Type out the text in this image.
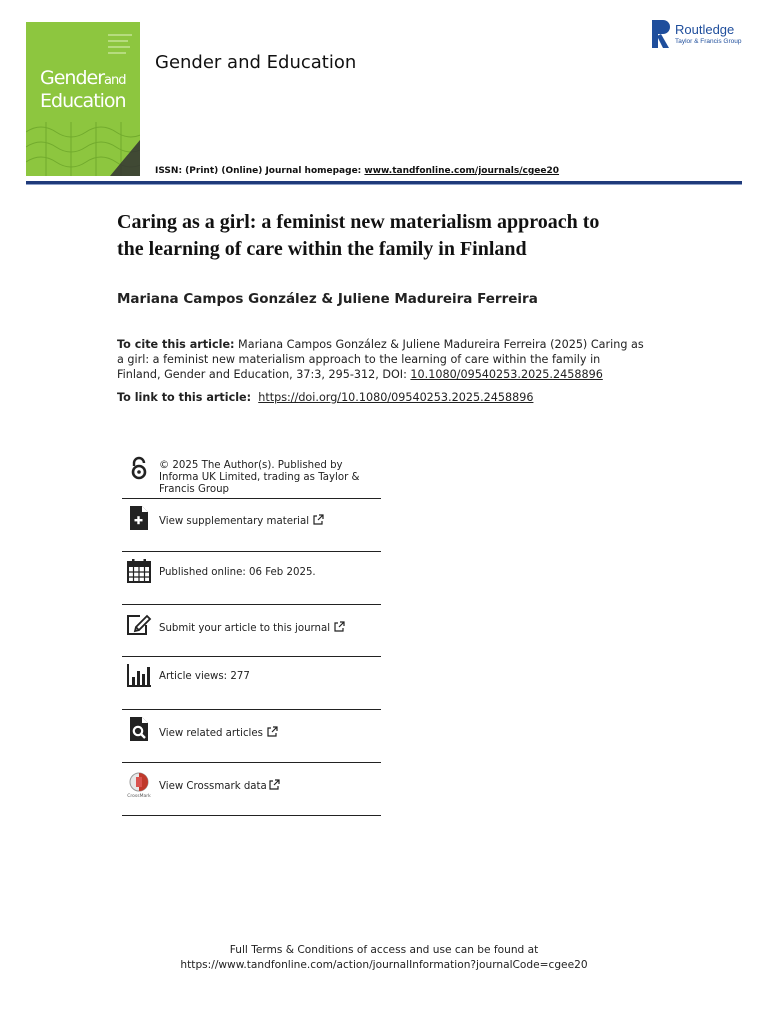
Genderand
Education
Gender and Education
Routledge
Taylor & Francis Group
ISSN: (Print) (Online) Journal homepage: www.tandfonline.com/journals/cgee20
Caring as a girl: a feminist new materialism approach to
the learning of care within the family in Finland
Mariana Campos González & Juliene Madureira Ferreira
To cite this article: Mariana Campos González & Juliene Madureira Ferreira (2025) Caring as a girl: a feminist new materialism approach to the learning of care within the family in Finland, Gender and Education, 37:3, 295-312, DOI: 10.1080/09540253.2025.2458896
To link to this article: https://doi.org/10.1080/09540253.2025.2458896
© 2025 The Author(s). Published by Informa UK Limited, trading as Taylor & Francis Group
View supplementary material
Published online: 06 Feb 2025.
Submit your article to this journal
Article views: 277
View related articles
CrossMark
View Crossmark data
Full Terms & Conditions of access and use can be found at
https://www.tandfonline.com/action/journalInformation?journalCode=cgee20
